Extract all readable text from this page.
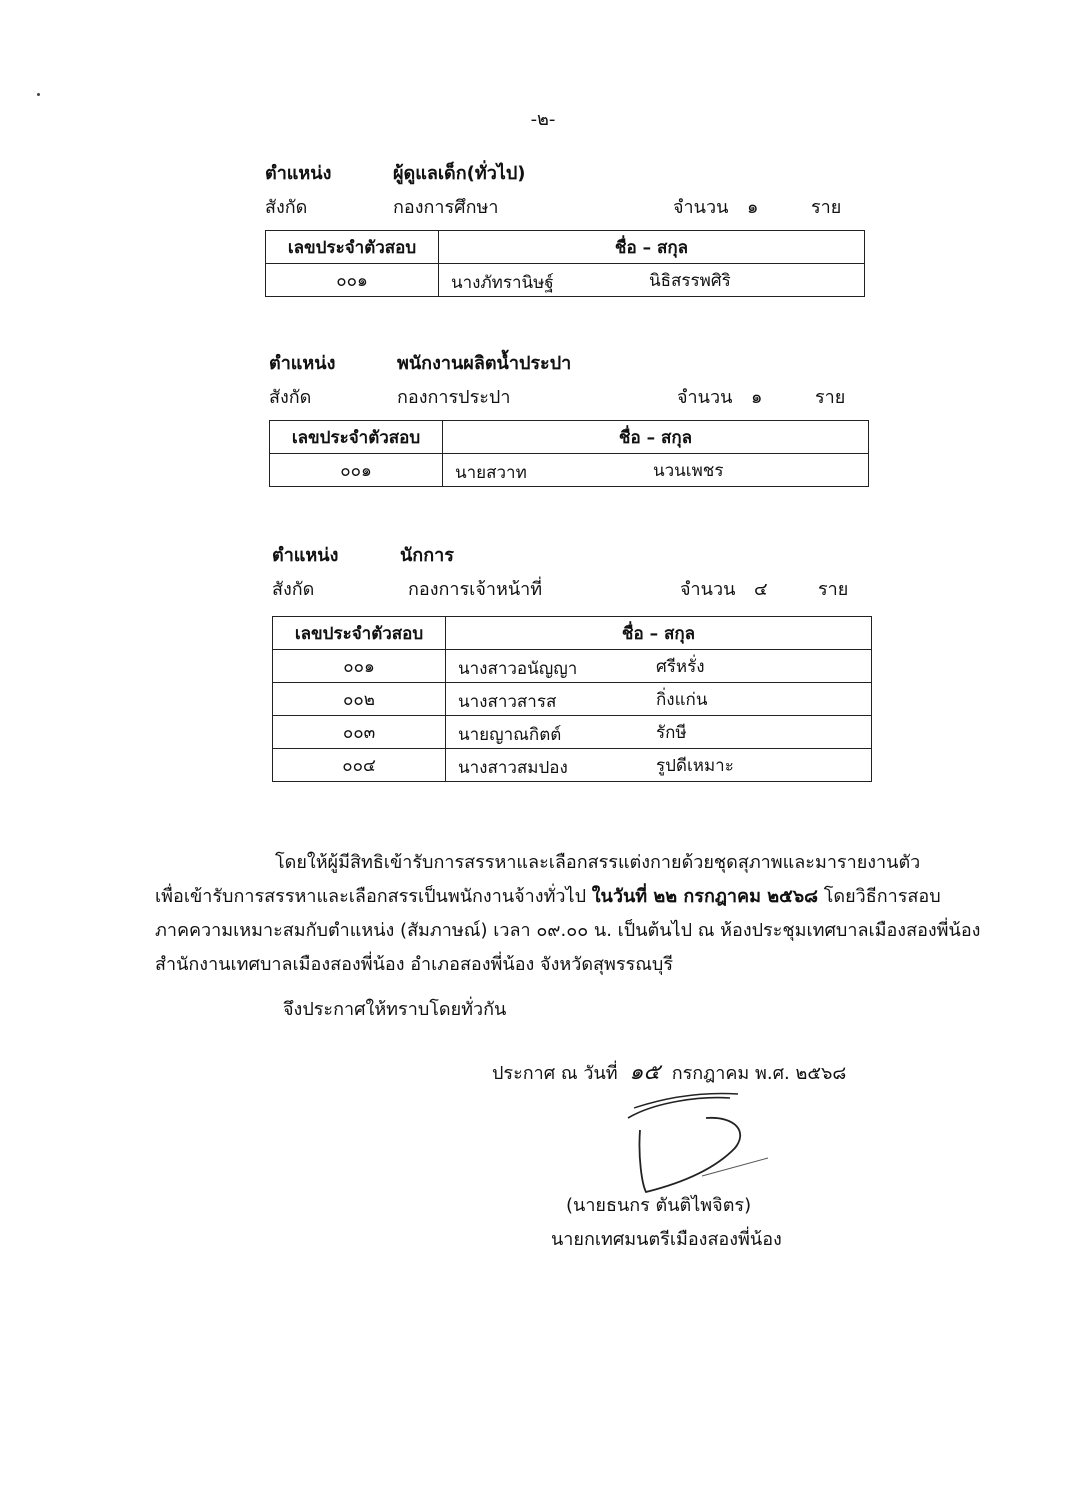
-๒-
ตำแหน่ง	ผู้ดูแลเด็ก(ทั่วไป)
สังกัด	กองการศึกษา	จำนวน ๑	ราย
เลขประจำตัวสอบ	ชื่อ – สกุล
๐๐๑	นางภัทรานิษฐ์ นิธิสรรพศิริ
ตำแหน่ง	พนักงานผลิตน้ำประปา
สังกัด	กองการประปา	จำนวน ๑	ราย
เลขประจำตัวสอบ	ชื่อ – สกุล
๐๐๑	นายสวาท นวนเพชร
ตำแหน่ง	นักการ
สังกัด	กองการเจ้าหน้าที่	จำนวน ๔	ราย
เลขประจำตัวสอบ	ชื่อ – สกุล
๐๐๑	นางสาวอนัญญา ศรีหรั่ง

๐๐๒	นางสาวสารส กิ่งแก่น

๐๐๓	นายญาณกิตต์ รักษี

๐๐๔	นางสาวสมปอง รูปดีเหมาะ

โดยให้ผู้มีสิทธิเข้ารับการสรรหาและเลือกสรรแต่งกายด้วยชุดสุภาพและมารายงานตัว

เพื่อเข้ารับการสรรหาและเลือกสรรเป็นพนักงานจ้างทั่วไป ในวันที่ ๒๒ กรกฎาคม ๒๕๖๘ โดยวิธีการสอบ

ภาคความเหมาะสมกับตำแหน่ง (สัมภาษณ์) เวลา ๐๙.๐๐ น. เป็นต้นไป ณ ห้องประชุมเทศบาลเมืองสองพี่น้อง

สำนักงานเทศบาลเมืองสองพี่น้อง อำเภอสองพี่น้อง จังหวัดสุพรรณบุรี

จึงประกาศให้ทราบโดยทั่วกัน
ประกาศ ณ วันที่ ๑๕ กรกฎาคม พ.ศ. ๒๕๖๘
(นายธนกร ตันติไพจิตร)
นายกเทศมนตรีเมืองสองพี่น้อง
